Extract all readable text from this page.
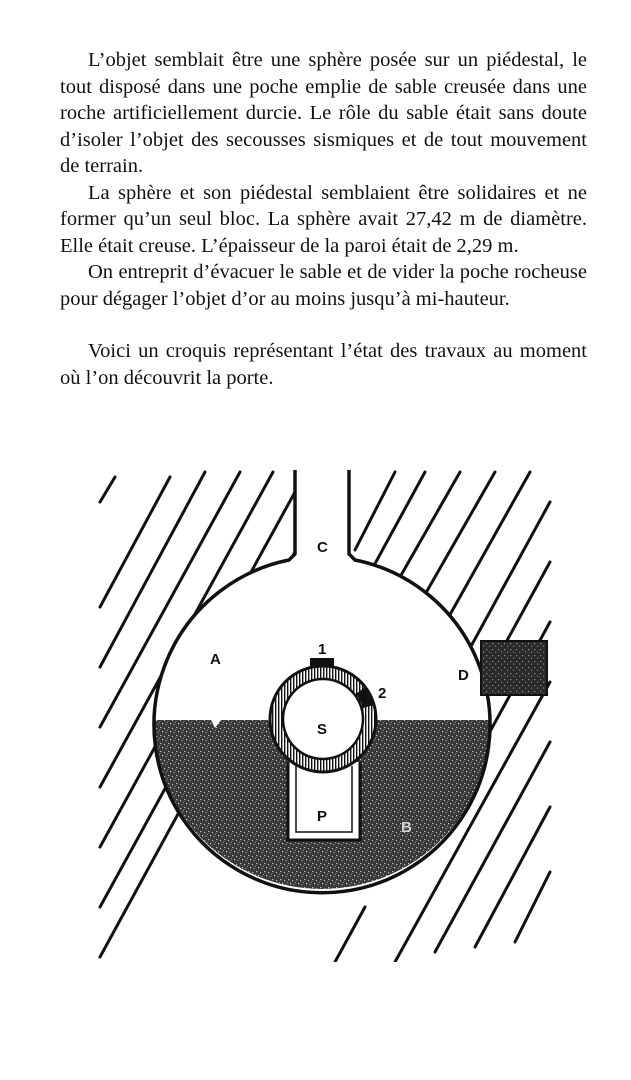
L’objet semblait être une sphère posée sur un piédestal, le tout disposé dans une poche emplie de sable creusée dans une roche artificiellement durcie. Le rôle du sable était sans doute d’isoler l’objet des secousses sismiques et de tout mouvement de terrain.

La sphère et son piédestal semblaient être solidaires et ne former qu’un seul bloc. La sphère avait 27,42 m de diamètre. Elle était creuse. L’épaisseur de la paroi était de 2,29 m.

On entreprit d’évacuer le sable et de vider la poche rocheuse pour dégager l’objet d’or au moins jusqu’à mi-hauteur.

Voici un croquis représentant l’état des travaux au moment où l’on découvrit la porte.

C
A
D
1
2
S
P
B
